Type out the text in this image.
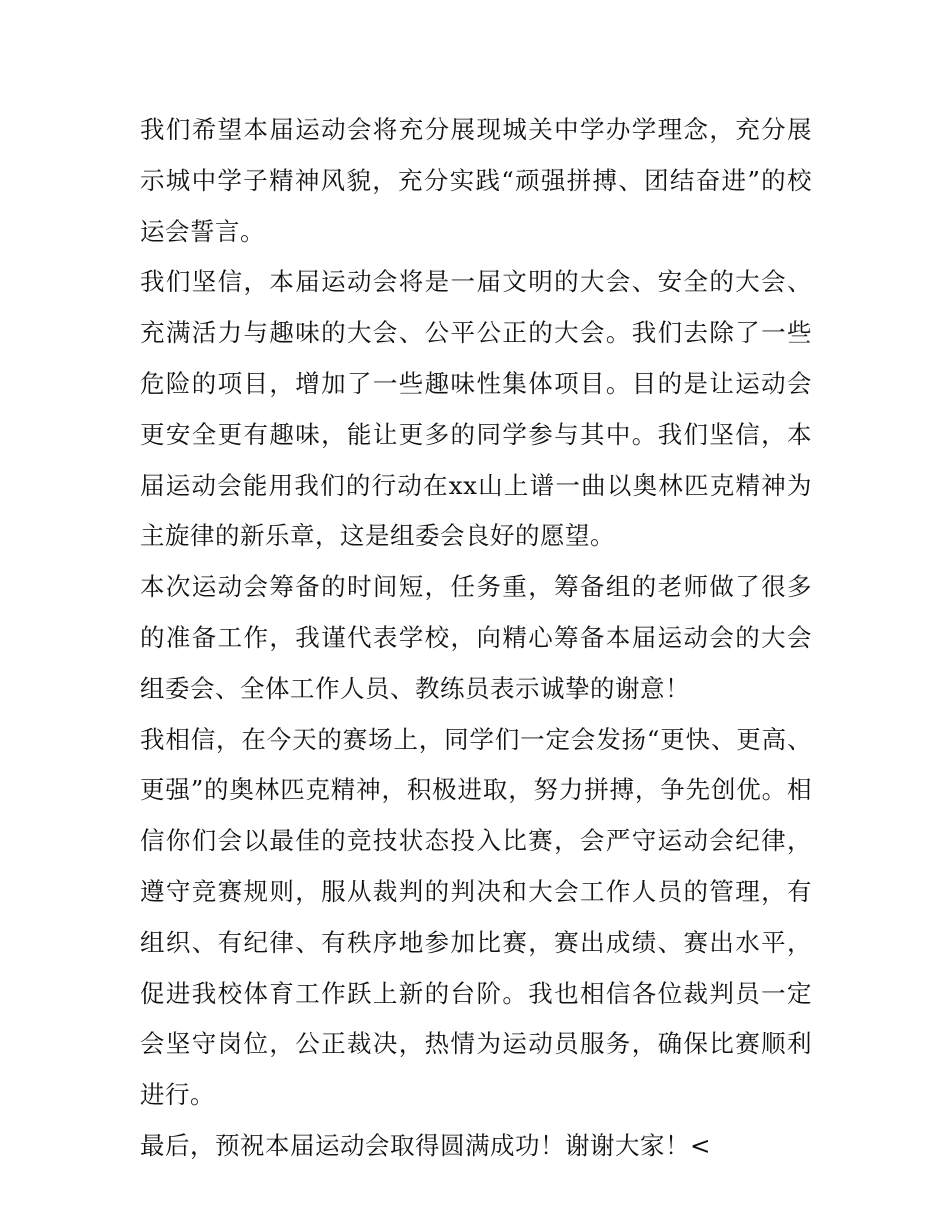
我们希望本届运动会将充分展现城关中学办学理念，充分展示城中学子精神风貌，充分实践“顽强拼搏、团结奋进”的校运会誓言。

我们坚信，本届运动会将是一届文明的大会、安全的大会、充满活力与趣味的大会、公平公正的大会。我们去除了一些危险的项目，增加了一些趣味性集体项目。目的是让运动会更安全更有趣味，能让更多的同学参与其中。我们坚信，本届运动会能用我们的行动在xx山上谱一曲以奥林匹克精神为主旋律的新乐章，这是组委会良好的愿望。

本次运动会筹备的时间短，任务重，筹备组的老师做了很多的准备工作，我谨代表学校，向精心筹备本届运动会的大会组委会、全体工作人员、教练员表示诚挚的谢意！

我相信，在今天的赛场上，同学们一定会发扬“更快、更高、更强”的奥林匹克精神，积极进取，努力拼搏，争先创优。相信你们会以最佳的竞技状态投入比赛，会严守运动会纪律，遵守竞赛规则，服从裁判的判决和大会工作人员的管理，有组织、有纪律、有秩序地参加比赛，赛出成绩、赛出水平，促进我校体育工作跃上新的台阶。我也相信各位裁判员一定会坚守岗位，公正裁决，热情为运动员服务，确保比赛顺利进行。

最后，预祝本届运动会取得圆满成功！谢谢大家！<
